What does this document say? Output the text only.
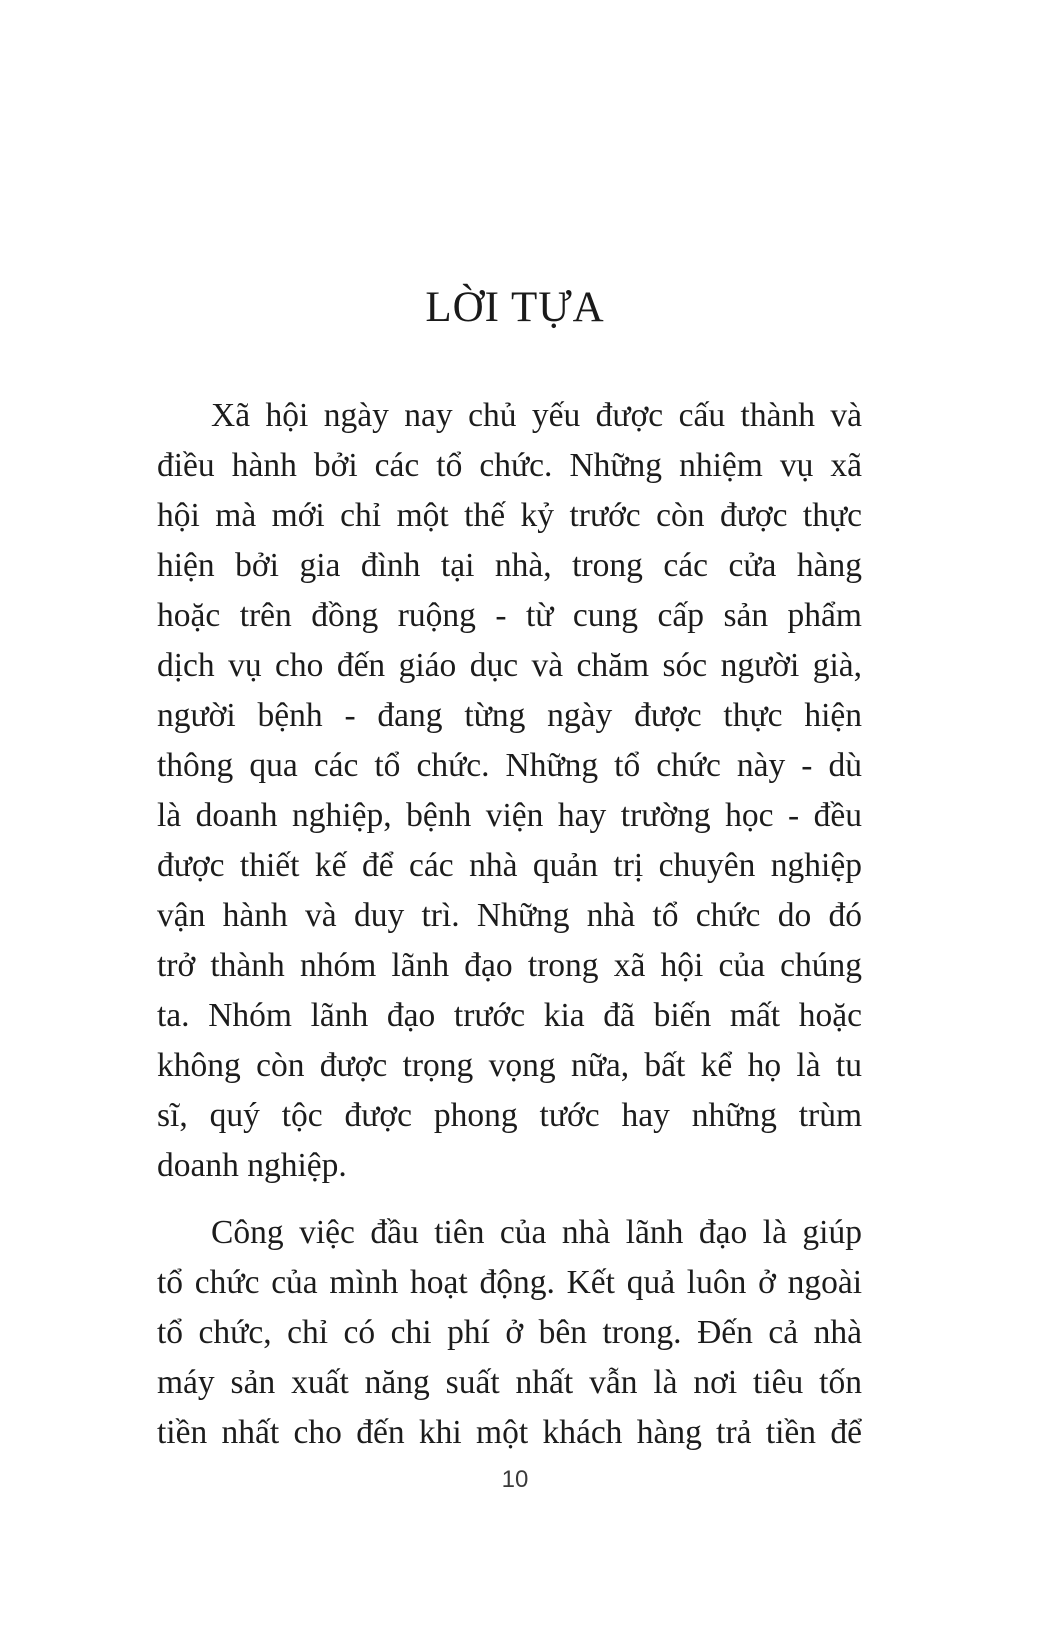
LỜI TỰA
Xã hội ngày nay chủ yếu được cấu thành và
điều hành bởi các tổ chức. Những nhiệm vụ xã
hội mà mới chỉ một thế kỷ trước còn được thực
hiện bởi gia đình tại nhà, trong các cửa hàng
hoặc trên đồng ruộng - từ cung cấp sản phẩm
dịch vụ cho đến giáo dục và chăm sóc người già,
người bệnh - đang từng ngày được thực hiện
thông qua các tổ chức. Những tổ chức này - dù
là doanh nghiệp, bệnh viện hay trường học - đều
được thiết kế để các nhà quản trị chuyên nghiệp
vận hành và duy trì. Những nhà tổ chức do đó
trở thành nhóm lãnh đạo trong xã hội của chúng
ta. Nhóm lãnh đạo trước kia đã biến mất hoặc
không còn được trọng vọng nữa, bất kể họ là tu
sĩ, quý tộc được phong tước hay những trùm
doanh nghiệp.
Công việc đầu tiên của nhà lãnh đạo là giúp
tổ chức của mình hoạt động. Kết quả luôn ở ngoài
tổ chức, chỉ có chi phí ở bên trong. Đến cả nhà
máy sản xuất năng suất nhất vẫn là nơi tiêu tốn
tiền nhất cho đến khi một khách hàng trả tiền để
10
